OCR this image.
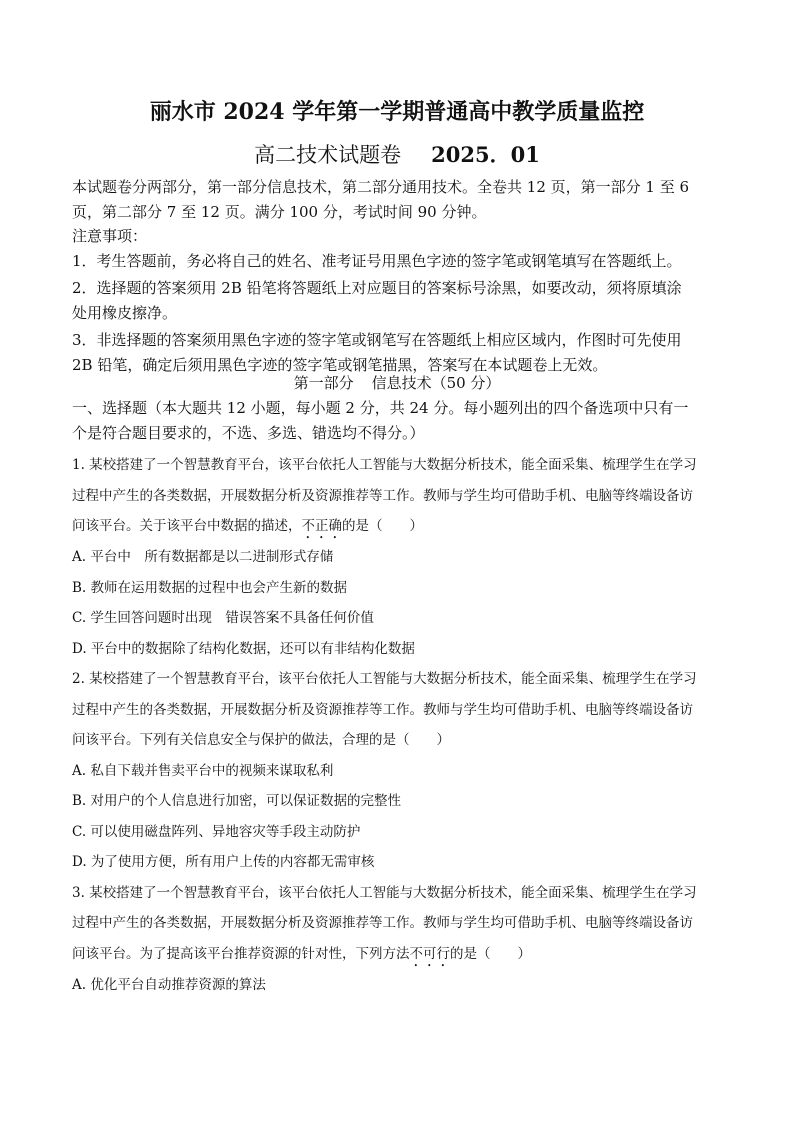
丽水市 2024 学年第一学期普通高中教学质量监控
高二技术试题卷 2025．01

本试题卷分两部分，第一部分信息技术，第二部分通用技术。全卷共 12 页，第一部分 1 至 6

页，第二部分 7 至 12 页。满分 100 分，考试时间 90 分钟。

注意事项：

1．考生答题前，务必将自己的姓名、准考证号用黑色字迹的签字笔或钢笔填写在答题纸上。

2．选择题的答案须用 2B 铅笔将答题纸上对应题目的答案标号涂黑，如要改动，须将原填涂

处用橡皮擦净。

3．非选择题的答案须用黑色字迹的签字笔或钢笔写在答题纸上相应区域内，作图时可先使用

2B 铅笔，确定后须用黑色字迹的签字笔或钢笔描黑，答案写在本试题卷上无效。

第一部分 信息技术（50 分）

一、选择题（本大题共 12 小题，每小题 2 分，共 24 分。每小题列出的四个备选项中只有一

个是符合题目要求的，不选、多选、错选均不得分。）

1. 某校搭建了一个智慧教育平台，该平台依托人工智能与大数据分析技术，能全面采集、梳理学生在学习

过程中产生的各类数据，开展数据分析及资源推荐等工作。教师与学生均可借助手机、电脑等终端设备访

问该平台。关于该平台中数据的描述，不正确的是（　　）

A. 平台中　所有数据都是以二进制形式存储

B. 教师在运用数据的过程中也会产生新的数据

C. 学生回答问题时出现　错误答案不具备任何价值

D. 平台中的数据除了结构化数据，还可以有非结构化数据

2. 某校搭建了一个智慧教育平台，该平台依托人工智能与大数据分析技术，能全面采集、梳理学生在学习

过程中产生的各类数据，开展数据分析及资源推荐等工作。教师与学生均可借助手机、电脑等终端设备访

问该平台。下列有关信息安全与保护的做法，合理的是（　　）

A. 私自下载并售卖平台中的视频来谋取私利

B. 对用户的个人信息进行加密，可以保证数据的完整性

C. 可以使用磁盘阵列、异地容灾等手段主动防护

D. 为了使用方便，所有用户上传的内容都无需审核

3. 某校搭建了一个智慧教育平台，该平台依托人工智能与大数据分析技术，能全面采集、梳理学生在学习

过程中产生的各类数据，开展数据分析及资源推荐等工作。教师与学生均可借助手机、电脑等终端设备访

问该平台。为了提高该平台推荐资源的针对性，下列方法不可行的是（　　）

A. 优化平台自动推荐资源的算法
